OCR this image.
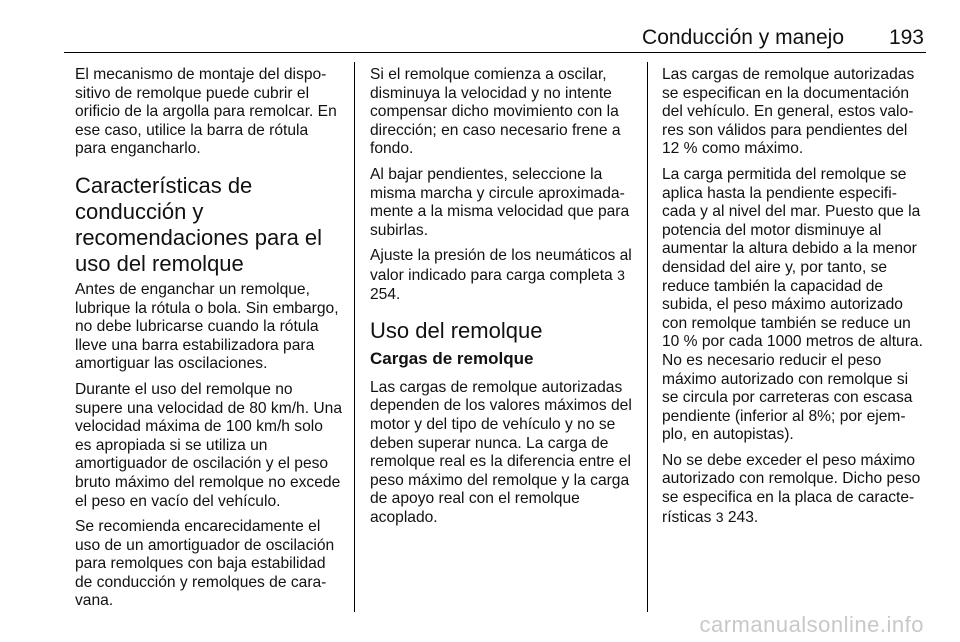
Conducción y manejo 193

El mecanismo de montaje del dispo-sitivo de remolque puede cubrir el orificio de la argolla para remolcar. En ese caso, utilice la barra de rótula para engancharlo.

Características de conducción y recomendaciones para el uso del remolque

Antes de enganchar un remolque, lubrique la rótula o bola. Sin embargo, no debe lubricarse cuando la rótula lleve una barra estabilizadora para amortiguar las oscilaciones.

Durante el uso del remolque no supere una velocidad de 80 km/h. Una velocidad máxima de 100 km/h solo es apropiada si se utiliza un amortiguador de oscilación y el peso bruto máximo del remolque no excede el peso en vacío del vehículo.

Se recomienda encarecidamente el uso de un amortiguador de oscilación para remolques con baja estabilidad de conducción y remolques de cara-vana.

Si el remolque comienza a oscilar, disminuya la velocidad y no intente compensar dicho movimiento con la dirección; en caso necesario frene a fondo.

Al bajar pendientes, seleccione la misma marcha y circule aproximada-mente a la misma velocidad que para subirlas.

Ajuste la presión de los neumáticos al valor indicado para carga completa 3 254.

Uso del remolque
Cargas de remolque

Las cargas de remolque autorizadas dependen de los valores máximos del motor y del tipo de vehículo y no se deben superar nunca. La carga de remolque real es la diferencia entre el peso máximo del remolque y la carga de apoyo real con el remolque acoplado.

Las cargas de remolque autorizadas se especifican en la documentación del vehículo. En general, estos valo-res son válidos para pendientes del 12 % como máximo.

La carga permitida del remolque se aplica hasta la pendiente especifi-cada y al nivel del mar. Puesto que la potencia del motor disminuye al aumentar la altura debido a la menor densidad del aire y, por tanto, se reduce también la capacidad de subida, el peso máximo autorizado con remolque también se reduce un 10 % por cada 1000 metros de altura. No es necesario reducir el peso máximo autorizado con remolque si se circula por carreteras con escasa pendiente (inferior al 8%; por ejem-plo, en autopistas).

No se debe exceder el peso máximo autorizado con remolque. Dicho peso se especifica en la placa de caracte-rísticas 3 243.

carmanualsonline.info
